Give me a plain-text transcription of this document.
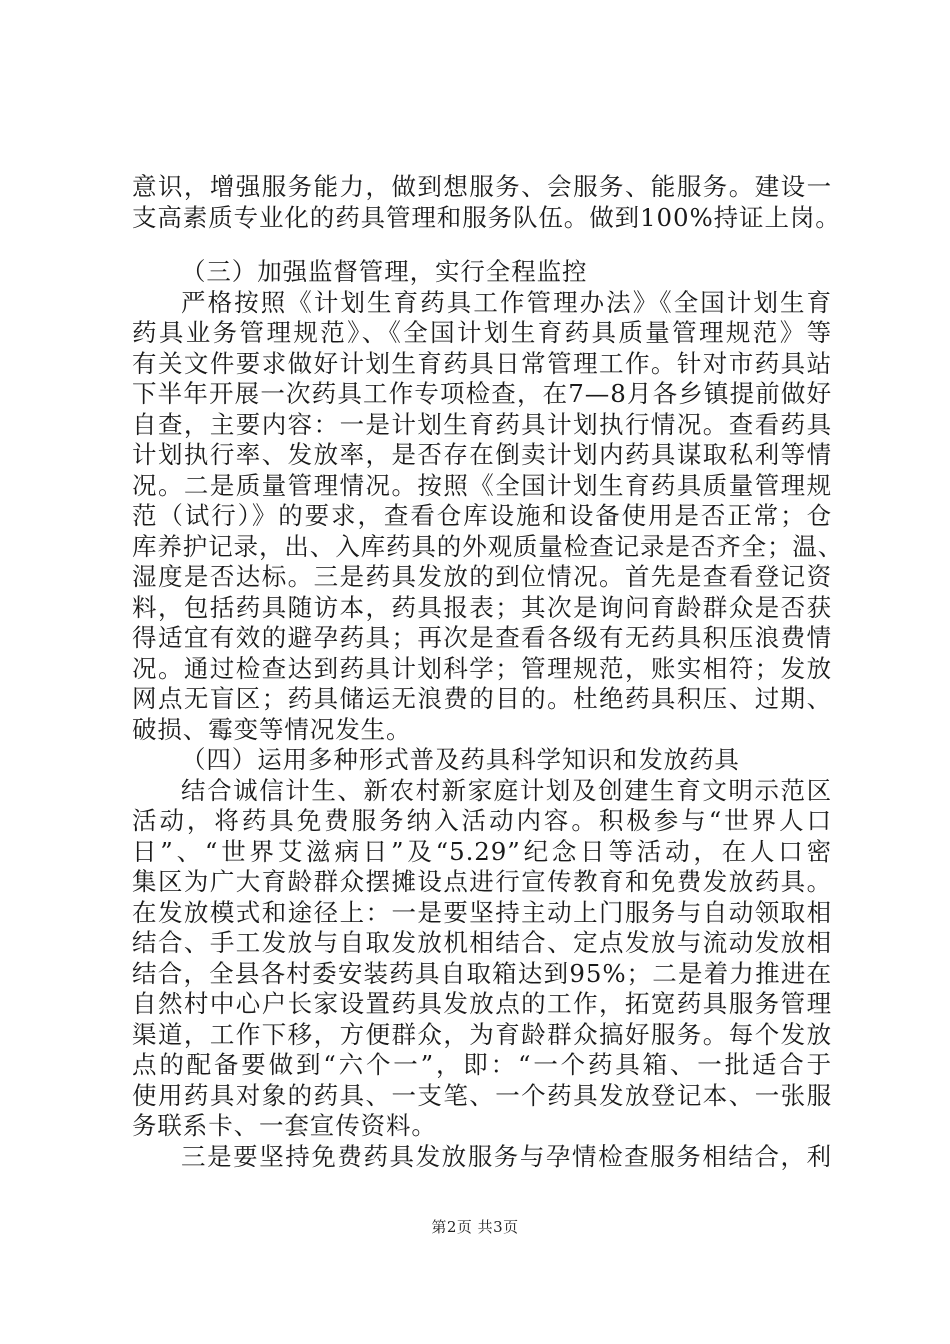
意识，增强服务能力，做到想服务、会服务、能服务。建设一
支高素质专业化的药具管理和服务队伍。做到100%持证上岗。
（三）加强监督管理，实行全程监控
严格按照《计划生育药具工作管理办法》《全国计划生育
药具业务管理规范》、《全国计划生育药具质量管理规范》等
有关文件要求做好计划生育药具日常管理工作。针对市药具站
下半年开展一次药具工作专项检查，在7—8月各乡镇提前做好
自查，主要内容：一是计划生育药具计划执行情况。查看药具
计划执行率、发放率，是否存在倒卖计划内药具谋取私利等情
况。二是质量管理情况。按照《全国计划生育药具质量管理规
范（试行）》的要求，查看仓库设施和设备使用是否正常；仓
库养护记录，出、入库药具的外观质量检查记录是否齐全；温、
湿度是否达标。三是药具发放的到位情况。首先是查看登记资
料，包括药具随访本，药具报表；其次是询问育龄群众是否获
得适宜有效的避孕药具；再次是查看各级有无药具积压浪费情
况。通过检查达到药具计划科学；管理规范，账实相符；发放
网点无盲区；药具储运无浪费的目的。杜绝药具积压、过期、
破损、霉变等情况发生。
（四）运用多种形式普及药具科学知识和发放药具
结合诚信计生、新农村新家庭计划及创建生育文明示范区
活动，将药具免费服务纳入活动内容。积极参与“世界人口
日”、“世界艾滋病日”及“5.29”纪念日等活动，在人口密
集区为广大育龄群众摆摊设点进行宣传教育和免费发放药具。
在发放模式和途径上：一是要坚持主动上门服务与自动领取相
结合、手工发放与自取发放机相结合、定点发放与流动发放相
结合，全县各村委安装药具自取箱达到95%；二是着力推进在
自然村中心户长家设置药具发放点的工作，拓宽药具服务管理
渠道，工作下移，方便群众，为育龄群众搞好服务。每个发放
点的配备要做到“六个一”，即：“一个药具箱、一批适合于
使用药具对象的药具、一支笔、一个药具发放登记本、一张服
务联系卡、一套宣传资料。
三是要坚持免费药具发放服务与孕情检查服务相结合，利
第2页 共3页
